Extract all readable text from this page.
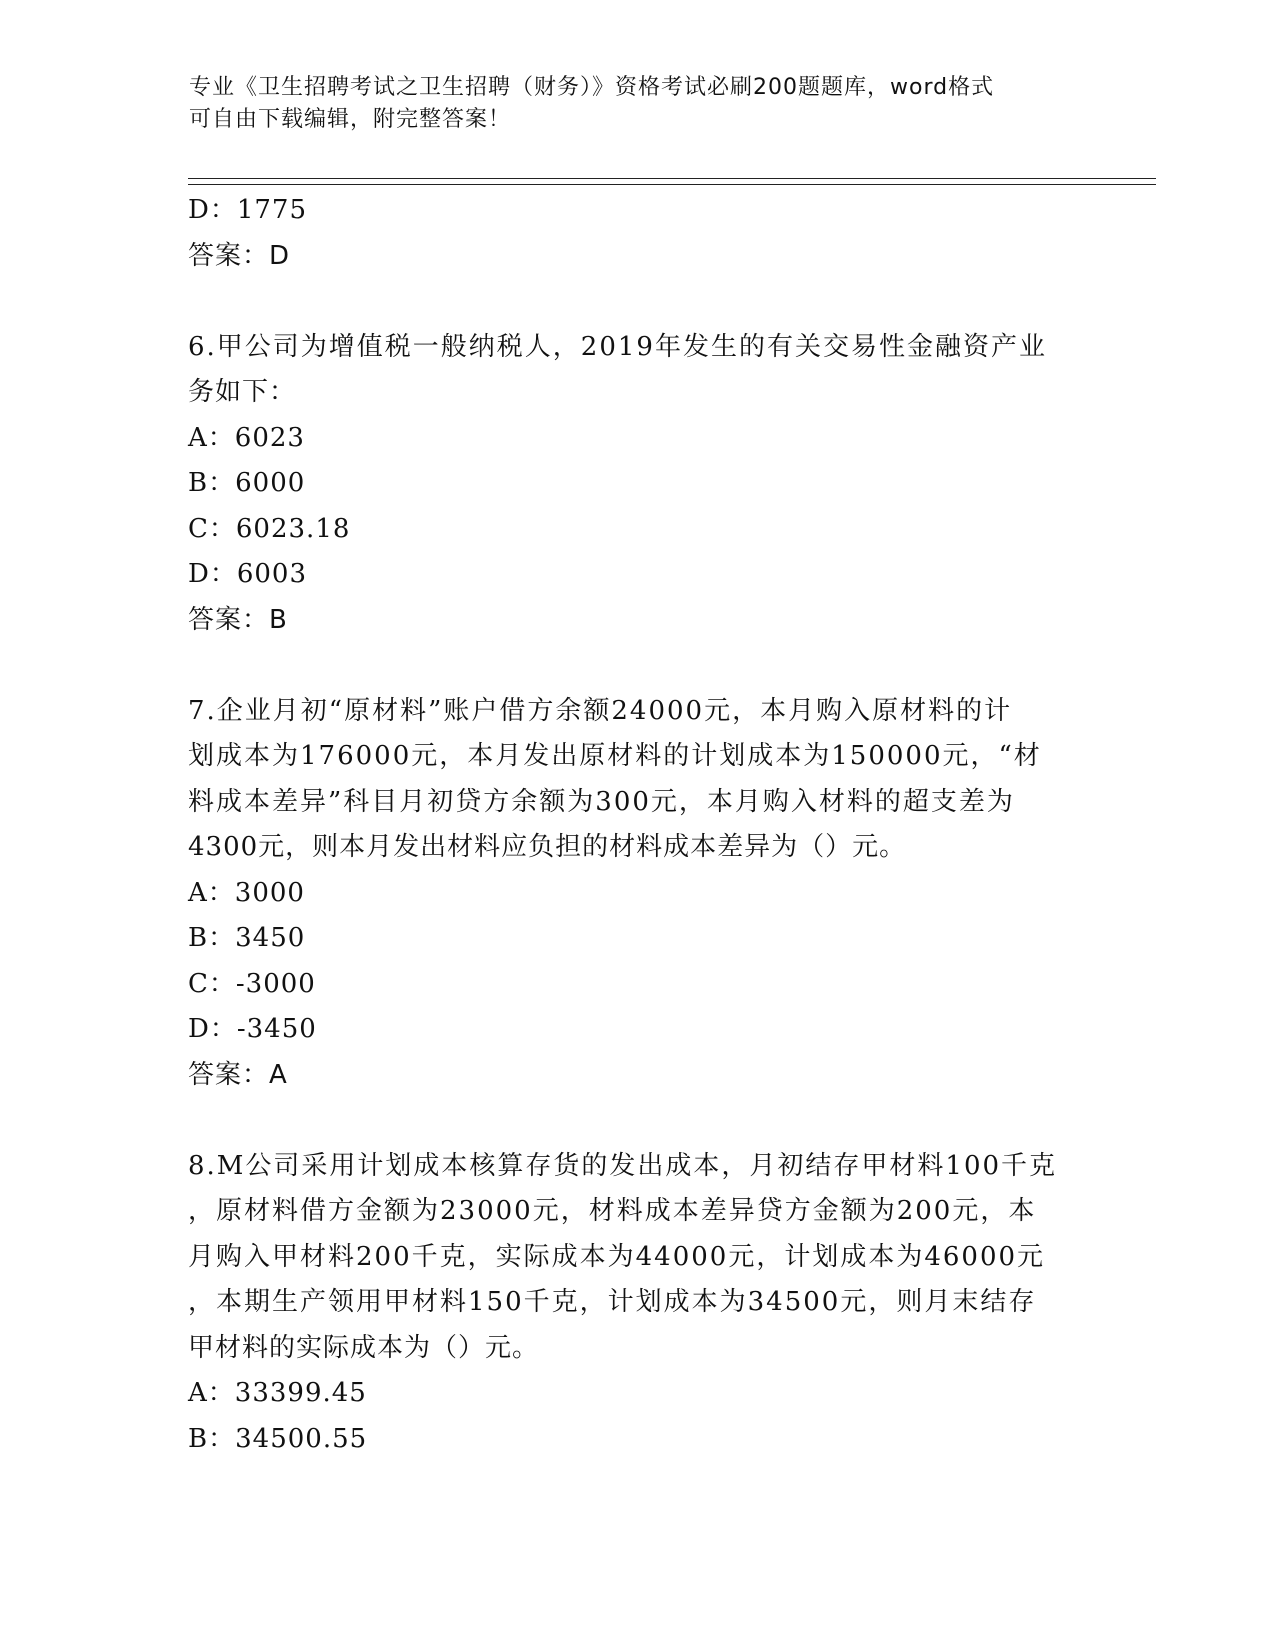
专业《卫生招聘考试之卫生招聘（财务）》资格考试必刷200题题库，word格式
可自由下载编辑，附完整答案！
D：1775
答案：D
6.甲公司为增值税一般纳税人，2019年发生的有关交易性金融资产业
务如下：
A：6023
B：6000
C：6023.18
D：6003
答案：B
7.企业月初“原材料”账户借方余额24000元，本月购入原材料的计
划成本为176000元，本月发出原材料的计划成本为150000元，“材
料成本差异”科目月初贷方余额为300元，本月购入材料的超支差为
4300元，则本月发出材料应负担的材料成本差异为（）元。
A：3000
B：3450
C：-3000
D：-3450
答案：A
8.M公司采用计划成本核算存货的发出成本，月初结存甲材料100千克
，原材料借方金额为23000元，材料成本差异贷方金额为200元，本
月购入甲材料200千克，实际成本为44000元，计划成本为46000元
，本期生产领用甲材料150千克，计划成本为34500元，则月末结存
甲材料的实际成本为（）元。
A：33399.45
B：34500.55
